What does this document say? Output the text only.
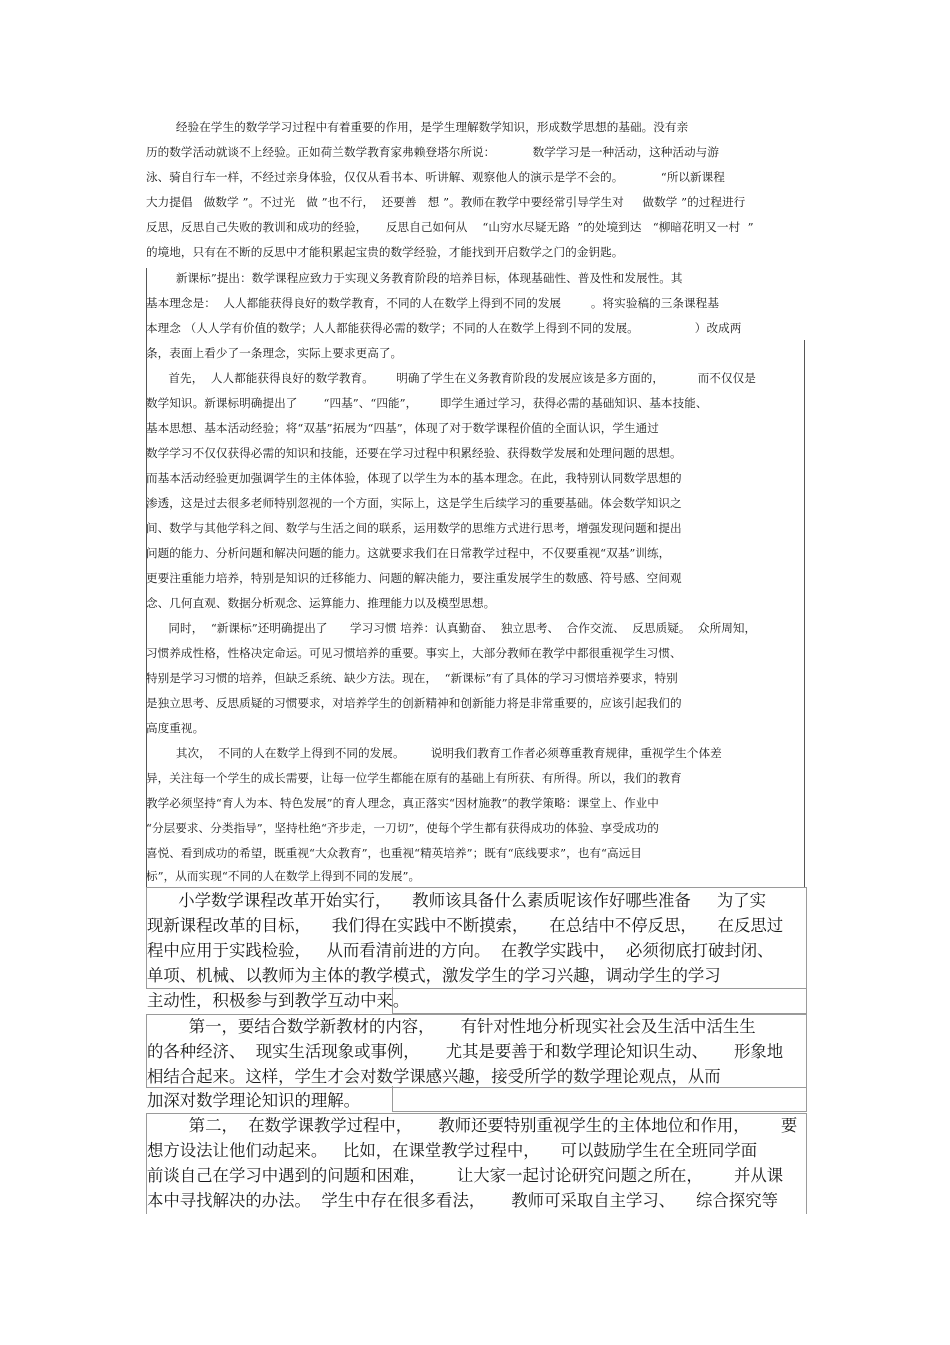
经验在学生的数学学习过程中有着重要的作用，是学生理解数学知识，形成数学思想的基础。没有亲
历的数学活动就谈不上经验。正如荷兰数学教育家弗赖登塔尔所说：          数学学习是一种活动，这种活动与游
泳、骑自行车一样，不经过亲身体验，仅仅从看书本、听讲解、观察他人的演示是学不会的。          “所以新课程
大力提倡   做数学 ”。不过光   做 ”也不行，  还要善   想 ”。教师在教学中要经常引导学生对     做数学 ”的过程进行
反思，反思自己失败的教训和成功的经验，     反思自己如何从    “山穷水尽疑无路  ”的处境到达   “柳暗花明又一村  ”
的境地，只有在不断的反思中才能积累起宝贵的数学经验，才能找到开启数学之门的金钥匙。
新课标”提出：数学课程应致力于实现义务教育阶段的培养目标，体现基础性、普及性和发展性。其
基本理念是：  人人都能获得良好的数学教育，不同的人在数学上得到不同的发展        。将实验稿的三条课程基
本理念 （人人学有价值的数学；人人都能获得必需的数学；不同的人在数学上得到不同的发展。               ）改成两
条，表面上看少了一条理念，实际上要求更高了。
首先，  人人都能获得良好的数学教育。      明确了学生在义务教育阶段的发展应该是多方面的，         而不仅仅是
数学知识。新课标明确提出了       “四基”、“四能”，      即学生通过学习，获得必需的基础知识、基本技能、
基本思想、基本活动经验；将“双基”拓展为“四基”，体现了对于数学课程价值的全面认识，学生通过
数学学习不仅仅获得必需的知识和技能，还要在学习过程中积累经验、获得数学发展和处理问题的思想。
而基本活动经验更加强调学生的主体体验，体现了以学生为本的基本理念。在此，我特别认同数学思想的
渗透，这是过去很多老师特别忽视的一个方面，实际上，这是学生后续学习的重要基础。体会数学知识之
间、数学与其他学科之间、数学与生活之间的联系，运用数学的思维方式进行思考，增强发现问题和提出
问题的能力、分析问题和解决问题的能力。这就要求我们在日常教学过程中，不仅要重视“双基”训练，
更要注重能力培养，特别是知识的迁移能力、问题的解决能力，要注重发展学生的数感、符号感、空间观
念、几何直观、数据分析观念、运算能力、推理能力以及模型思想。
同时，  “新课标”还明确提出了      学习习惯 培养：认真勤奋、  独立思考、  合作交流、  反思质疑。  众所周知，
习惯养成性格，性格决定命运。可见习惯培养的重要。事实上，大部分教师在教学中都很重视学生习惯、
特别是学习习惯的培养，但缺乏系统、缺少方法。现在，  “新课标”有了具体的学习习惯培养要求，特别
是独立思考、反思质疑的习惯要求，对培养学生的创新精神和创新能力将是非常重要的，应该引起我们的
高度重视。
其次，  不同的人在数学上得到不同的发展。       说明我们教育工作者必须尊重教育规律，重视学生个体差
异，关注每一个学生的成长需要，让每一位学生都能在原有的基础上有所获、有所得。所以，我们的教育
教学必须坚持“育人为本、特色发展”的育人理念，真正落实“因材施教”的教学策略：课堂上、作业中
“分层要求、分类指导”，坚持杜绝“齐步走，一刀切”，使每个学生都有获得成功的体验、享受成功的
喜悦、看到成功的希望，既重视“大众教育”，也重视“精英培养”；既有“底线要求”，也有“高远目
标”，从而实现“不同的人在数学上得到不同的发展”。
小学数学课程改革开始实行，    教师该具备什么素质呢该作好哪些准备     为了实
现新课程改革的目标，    我们得在实践中不断摸索，    在总结中不停反思，    在反思过
程中应用于实践检验，   从而看清前进的方向。  在教学实践中，  必须彻底打破封闭、
单项、机械、以教师为主体的教学模式，激发学生的学习兴趣，调动学生的学习
主动性，积极参与到教学互动中来。
第一，要结合数学新教材的内容，     有针对性地分析现实社会及生活中活生生
的各种经济、  现实生活现象或事例，     尤其是要善于和数学理论知识生动、     形象地
相结合起来。这样，学生才会对数学课感兴趣，接受所学的数学理论观点，从而
加深对数学理论知识的理解。
第二，  在数学课教学过程中，     教师还要特别重视学生的主体地位和作用，      要
想方设法让他们动起来。   比如，在课堂教学过程中，    可以鼓励学生在全班同学面
前谈自己在学习中遇到的问题和困难，      让大家一起讨论研究问题之所在，      并从课
本中寻找解决的办法。  学生中存在很多看法，     教师可采取自主学习、    综合探究等
